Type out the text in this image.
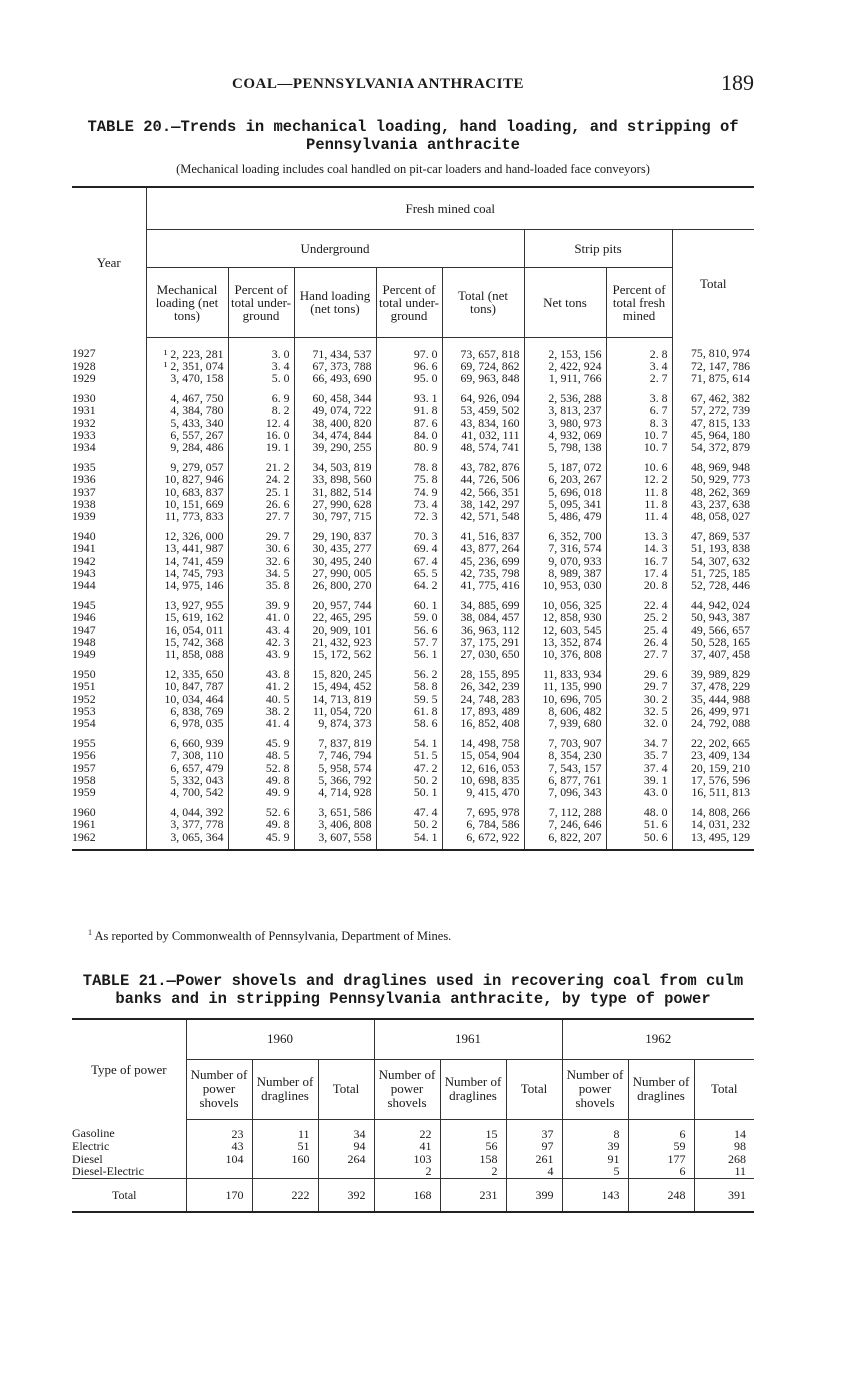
COAL—PENNSYLVANIA ANTHRACITE	189
TABLE 20.—Trends in mechanical loading, hand loading, and stripping of
Pennsylvania anthracite
(Mechanical loading includes coal handled on pit-car loaders and hand-loaded face conveyors)
Year	Fresh mined coal							
	Underground					Strip pits		Total
	Mechanical loading (net tons)	Percent of total under-ground	Hand loading (net tons)	Percent of total under-ground	Total (net tons)	Net tons	Percent of total fresh mined	
1927	¹ 2, 223, 281	3. 0	71, 434, 537	97. 0	73, 657, 818	2, 153, 156	2. 8	75, 810, 974
1928	¹ 2, 351, 074	3. 4	67, 373, 788	96. 6	69, 724, 862	2, 422, 924	3. 4	72, 147, 786
1929	3, 470, 158	5. 0	66, 493, 690	95. 0	69, 963, 848	1, 911, 766	2. 7	71, 875, 614
1930	4, 467, 750	6. 9	60, 458, 344	93. 1	64, 926, 094	2, 536, 288	3. 8	67, 462, 382
1931	4, 384, 780	8. 2	49, 074, 722	91. 8	53, 459, 502	3, 813, 237	6. 7	57, 272, 739
1932	5, 433, 340	12. 4	38, 400, 820	87. 6	43, 834, 160	3, 980, 973	8. 3	47, 815, 133
1933	6, 557, 267	16. 0	34, 474, 844	84. 0	41, 032, 111	4, 932, 069	10. 7	45, 964, 180
1934	9, 284, 486	19. 1	39, 290, 255	80. 9	48, 574, 741	5, 798, 138	10. 7	54, 372, 879
1935	9, 279, 057	21. 2	34, 503, 819	78. 8	43, 782, 876	5, 187, 072	10. 6	48, 969, 948
1936	10, 827, 946	24. 2	33, 898, 560	75. 8	44, 726, 506	6, 203, 267	12. 2	50, 929, 773
1937	10, 683, 837	25. 1	31, 882, 514	74. 9	42, 566, 351	5, 696, 018	11. 8	48, 262, 369
1938	10, 151, 669	26. 6	27, 990, 628	73. 4	38, 142, 297	5, 095, 341	11. 8	43, 237, 638
1939	11, 773, 833	27. 7	30, 797, 715	72. 3	42, 571, 548	5, 486, 479	11. 4	48, 058, 027
1940	12, 326, 000	29. 7	29, 190, 837	70. 3	41, 516, 837	6, 352, 700	13. 3	47, 869, 537
1941	13, 441, 987	30. 6	30, 435, 277	69. 4	43, 877, 264	7, 316, 574	14. 3	51, 193, 838
1942	14, 741, 459	32. 6	30, 495, 240	67. 4	45, 236, 699	9, 070, 933	16. 7	54, 307, 632
1943	14, 745, 793	34. 5	27, 990, 005	65. 5	42, 735, 798	8, 989, 387	17. 4	51, 725, 185
1944	14, 975, 146	35. 8	26, 800, 270	64. 2	41, 775, 416	10, 953, 030	20. 8	52, 728, 446
1945	13, 927, 955	39. 9	20, 957, 744	60. 1	34, 885, 699	10, 056, 325	22. 4	44, 942, 024
1946	15, 619, 162	41. 0	22, 465, 295	59. 0	38, 084, 457	12, 858, 930	25. 2	50, 943, 387
1947	16, 054, 011	43. 4	20, 909, 101	56. 6	36, 963, 112	12, 603, 545	25. 4	49, 566, 657
1948	15, 742, 368	42. 3	21, 432, 923	57. 7	37, 175, 291	13, 352, 874	26. 4	50, 528, 165
1949	11, 858, 088	43. 9	15, 172, 562	56. 1	27, 030, 650	10, 376, 808	27. 7	37, 407, 458
1950	12, 335, 650	43. 8	15, 820, 245	56. 2	28, 155, 895	11, 833, 934	29. 6	39, 989, 829
1951	10, 847, 787	41. 2	15, 494, 452	58. 8	26, 342, 239	11, 135, 990	29. 7	37, 478, 229
1952	10, 034, 464	40. 5	14, 713, 819	59. 5	24, 748, 283	10, 696, 705	30. 2	35, 444, 988
1953	6, 838, 769	38. 2	11, 054, 720	61. 8	17, 893, 489	8, 606, 482	32. 5	26, 499, 971
1954	6, 978, 035	41. 4	9, 874, 373	58. 6	16, 852, 408	7, 939, 680	32. 0	24, 792, 088
1955	6, 660, 939	45. 9	7, 837, 819	54. 1	14, 498, 758	7, 703, 907	34. 7	22, 202, 665
1956	7, 308, 110	48. 5	7, 746, 794	51. 5	15, 054, 904	8, 354, 230	35. 7	23, 409, 134
1957	6, 657, 479	52. 8	5, 958, 574	47. 2	12, 616, 053	7, 543, 157	37. 4	20, 159, 210
1958	5, 332, 043	49. 8	5, 366, 792	50. 2	10, 698, 835	6, 877, 761	39. 1	17, 576, 596
1959	4, 700, 542	49. 9	4, 714, 928	50. 1	9, 415, 470	7, 096, 343	43. 0	16, 511, 813
1960	4, 044, 392	52. 6	3, 651, 586	47. 4	7, 695, 978	7, 112, 288	48. 0	14, 808, 266
1961	3, 377, 778	49. 8	3, 406, 808	50. 2	6, 784, 586	7, 246, 646	51. 6	14, 031, 232
1962	3, 065, 364	45. 9	3, 607, 558	54. 1	6, 672, 922	6, 822, 207	50. 6	13, 495, 129
$^1$ As reported by Commonwealth of Pennsylvania, Department of Mines.
TABLE 21.—Power shovels and draglines used in recovering coal from culm
banks and in stripping Pennsylvania anthracite, by type of power
Type of power	1960			1961			1962		
	Number of power shovels	Number of draglines	Total	Number of power shovels	Number of draglines	Total	Number of power shovels	Number of draglines	Total
Gasoline	23	11	34	22	15	37	8	6	14
Electric	43	51	94	41	56	97	39	59	98
Diesel	104	160	264	103	158	261	91	177	268
Diesel-Electric				2	2	4	5	6	11
Total	170	222	392	168	231	399	143	248	391
